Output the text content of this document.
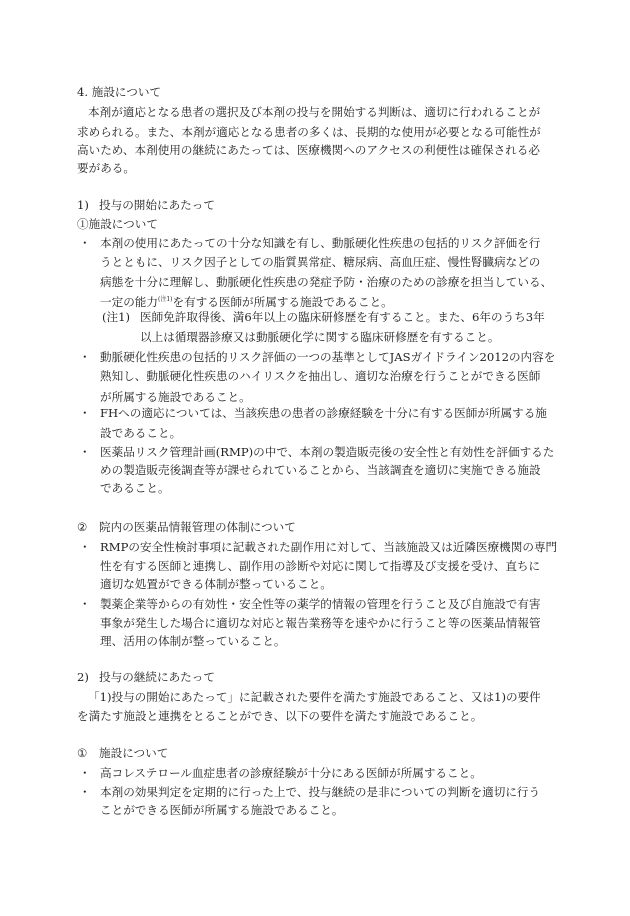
4. 施設について
本剤が適応となる患者の選択及び本剤の投与を開始する判断は、適切に行われることが
求められる。また、本剤が適応となる患者の多くは、長期的な使用が必要となる可能性が
高いため、本剤使用の継続にあたっては、医療機関へのアクセスの利便性は確保される必
要がある。
1) 投与の開始にあたって
①施設について
・ 本剤の使用にあたっての十分な知識を有し、動脈硬化性疾患の包括的リスク評価を行
うとともに、リスク因子としての脂質異常症、糖尿病、高血圧症、慢性腎臓病などの
病態を十分に理解し、動脈硬化性疾患の発症予防・治療のための診療を担当している、
一定の能力$^{(注1)}$を有する医師が所属する施設であること。
(注1) 医師免許取得後、満6年以上の臨床研修歴を有すること。また、6年のうち3年
以上は循環器診療又は動脈硬化学に関する臨床研修歴を有すること。
・ 動脈硬化性疾患の包括的リスク評価の一つの基準としてJASガイドライン2012の内容を
熟知し、動脈硬化性疾患のハイリスクを抽出し、適切な治療を行うことができる医師
が所属する施設であること。
・ FHへの適応については、当該疾患の患者の診療経験を十分に有する医師が所属する施
設であること。
・ 医薬品リスク管理計画(RMP)の中で、本剤の製造販売後の安全性と有効性を評価するた
めの製造販売後調査等が課せられていることから、当該調査を適切に実施できる施設
であること。
② 院内の医薬品情報管理の体制について
・ RMPの安全性検討事項に記載された副作用に対して、当該施設又は近隣医療機関の専門
性を有する医師と連携し、副作用の診断や対応に関して指導及び支援を受け、直ちに
適切な処置ができる体制が整っていること。
・ 製薬企業等からの有効性・安全性等の薬学的情報の管理を行うこと及び自施設で有害
事象が発生した場合に適切な対応と報告業務等を速やかに行うこと等の医薬品情報管
理、活用の体制が整っていること。
2) 投与の継続にあたって
「1)投与の開始にあたって」に記載された要件を満たす施設であること、又は1)の要件
を満たす施設と連携をとることができ、以下の要件を満たす施設であること。
① 施設について
・ 高コレステロール血症患者の診療経験が十分にある医師が所属すること。
・ 本剤の効果判定を定期的に行った上で、投与継続の是非についての判断を適切に行う
ことができる医師が所属する施設であること。
